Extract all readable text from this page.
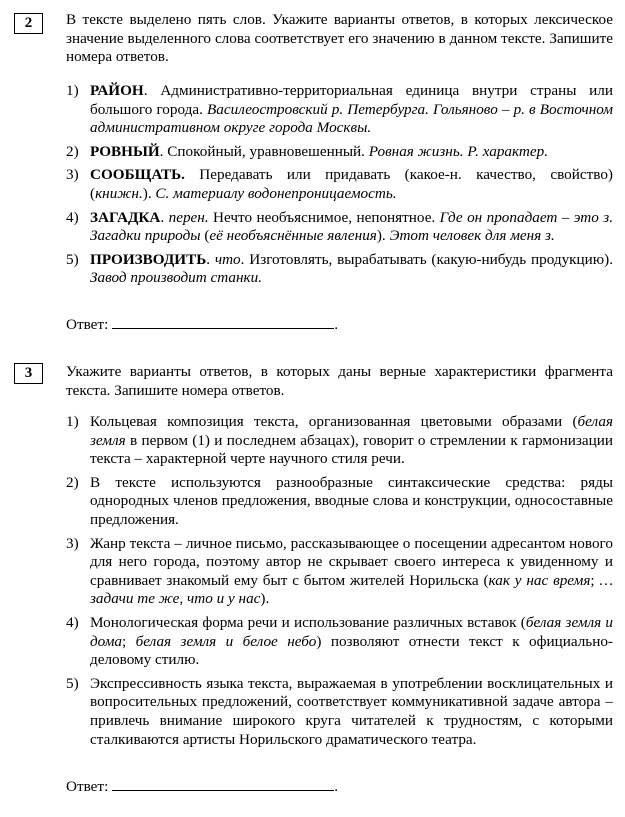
2	В тексте выделено пять слов. Укажите варианты ответов, в которых лексическое значение выделенного слова соответствует его значению в данном тексте. Запишите номера ответов.
1) РАЙОН. Административно-территориальная единица внутри страны или большого города. Василеостровский р. Петербурга. Гольяново – р. в Восточном административном округе города Москвы.
2) РОВНЫЙ. Спокойный, уравновешенный. Ровная жизнь. Р. характер.
3) СООБЩАТЬ. Передавать или придавать (какое-н. качество, свойство) (книжн.). С. материалу водонепроницаемость.
4) ЗАГАДКА. перен. Нечто необъяснимое, непонятное. Где он пропадает – это з. Загадки природы (её необъяснённые явления). Этот человек для меня з.
5) ПРОИЗВОДИТЬ. что. Изготовлять, вырабатывать (какую-нибудь продукцию). Завод производит станки.
Ответ:	.
3	Укажите варианты ответов, в которых даны верные характеристики фрагмента текста. Запишите номера ответов.
1) Кольцевая композиция текста, организованная цветовыми образами (белая земля в первом (1) и последнем абзацах), говорит о стремлении к гармонизации текста – характерной черте научного стиля речи.
2) В тексте используются разнообразные синтаксические средства: ряды однородных членов предложения, вводные слова и конструкции, односоставные предложения.
3) Жанр текста – личное письмо, рассказывающее о посещении адресантом нового для него города, поэтому автор не скрывает своего интереса к увиденному и сравнивает знакомый ему быт с бытом жителей Норильска (как у нас время; …задачи те же, что и у нас).
4) Монологическая форма речи и использование различных вставок (белая земля и дома; белая земля и белое небо) позволяют отнести текст к официально-деловому стилю.
5) Экспрессивность языка текста, выражаемая в употреблении восклицательных и вопросительных предложений, соответствует коммуникативной задаче автора – привлечь внимание широкого круга читателей к трудностям, с которыми сталкиваются артисты Норильского драматического театра.
Ответ:	.
